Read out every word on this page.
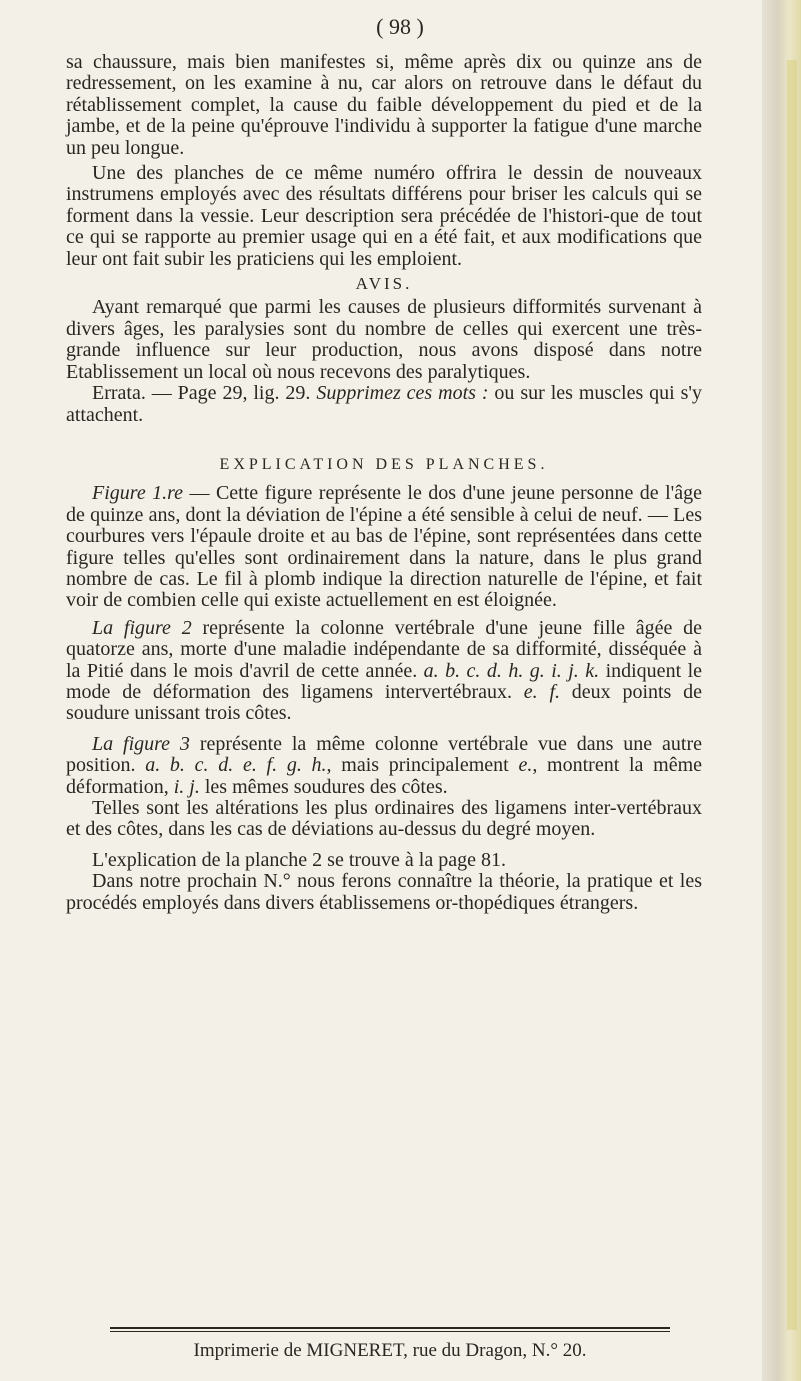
( 98 )

sa chaussure, mais bien manifestes si, même après dix ou quinze ans de redressement, on les examine à nu, car alors on retrouve dans le défaut du rétablissement complet, la cause du faible développement du pied et de la jambe, et de la peine qu'éprouve l'individu à supporter la fatigue d'une marche un peu longue.

Une des planches de ce même numéro offrira le dessin de nouveaux instrumens employés avec des résultats différens pour briser les calculs qui se forment dans la vessie. Leur description sera précédée de l'histori-que de tout ce qui se rapporte au premier usage qui en a été fait, et aux modifications que leur ont fait subir les praticiens qui les emploient.

AVIS.

Ayant remarqué que parmi les causes de plusieurs difformités survenant à divers âges, les paralysies sont du nombre de celles qui exercent une très-grande influence sur leur production, nous avons disposé dans notre Etablissement un local où nous recevons des paralytiques.

Errata. — Page 29, lig. 29. Supprimez ces mots : ou sur les muscles qui s'y attachent.

EXPLICATION DES PLANCHES.

Figure 1.re — Cette figure représente le dos d'une jeune personne de l'âge de quinze ans, dont la déviation de l'épine a été sensible à celui de neuf. — Les courbures vers l'épaule droite et au bas de l'épine, sont représentées dans cette figure telles qu'elles sont ordinairement dans la nature, dans le plus grand nombre de cas. Le fil à plomb indique la direction naturelle de l'épine, et fait voir de combien celle qui existe actuellement en est éloignée.

La figure 2 représente la colonne vertébrale d'une jeune fille âgée de quatorze ans, morte d'une maladie indépendante de sa difformité, disséquée à la Pitié dans le mois d'avril de cette année. a. b. c. d. h. g. i. j. k. indiquent le mode de déformation des ligamens intervertébraux. e. f. deux points de soudure unissant trois côtes.

La figure 3 représente la même colonne vertébrale vue dans une autre position. a. b. c. d. e. f. g. h., mais principalement e., montrent la même déformation, i. j. les mêmes soudures des côtes.

Telles sont les altérations les plus ordinaires des ligamens inter-vertébraux et des côtes, dans les cas de déviations au-dessus du degré moyen.

L'explication de la planche 2 se trouve à la page 81.

Dans notre prochain N.° nous ferons connaître la théorie, la pratique et les procédés employés dans divers établissemens or-thopédiques étrangers.

Imprimerie de MIGNERET, rue du Dragon, N.° 20.
